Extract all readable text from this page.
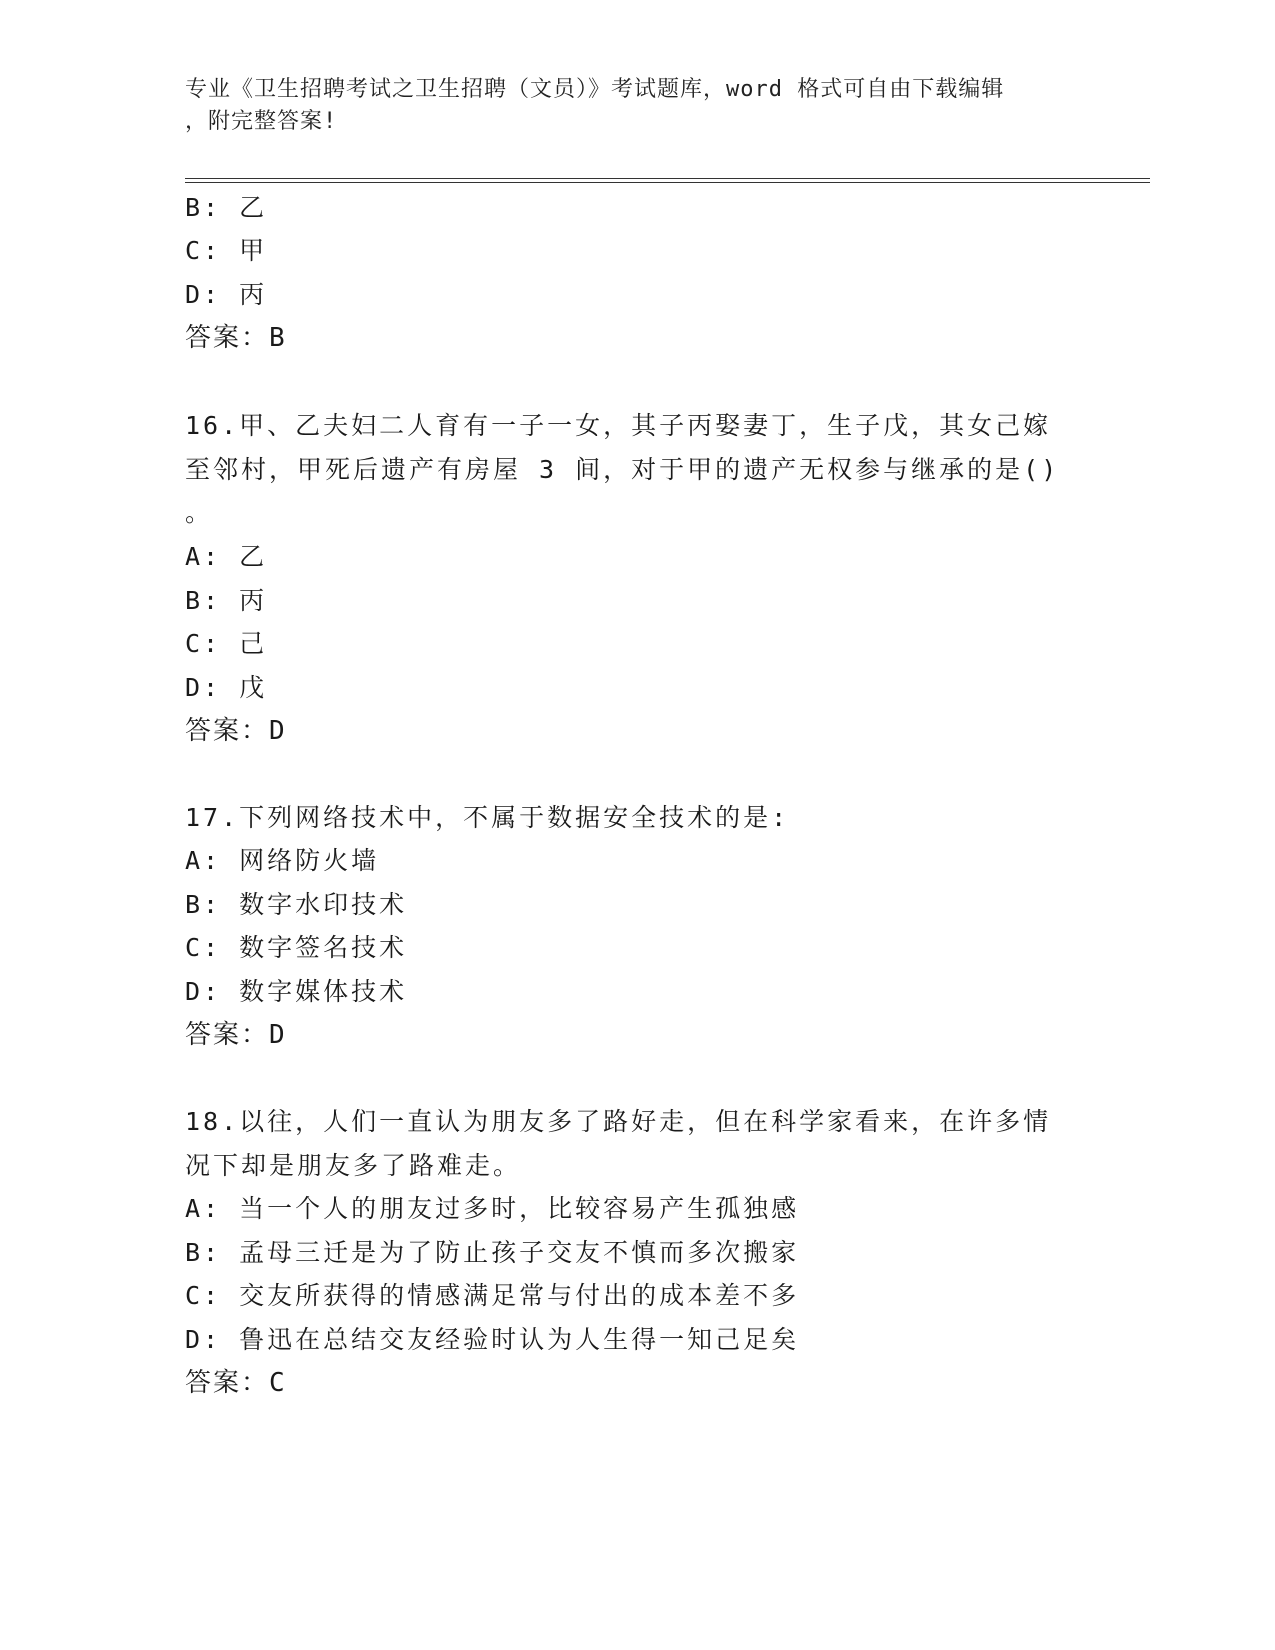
专业《卫生招聘考试之卫生招聘（文员）》考试题库，word 格式可自由下载编辑
，附完整答案!
B: 乙
C: 甲
D: 丙
答案：B
16.甲、乙夫妇二人育有一子一女，其子丙娶妻丁，生子戊，其女己嫁
至邻村，甲死后遗产有房屋 3 间，对于甲的遗产无权参与继承的是()
。
A: 乙
B: 丙
C: 己
D: 戊
答案：D
17.下列网络技术中，不属于数据安全技术的是:
A: 网络防火墙
B: 数字水印技术
C: 数字签名技术
D: 数字媒体技术
答案：D
18.以往，人们一直认为朋友多了路好走，但在科学家看来，在许多情
况下却是朋友多了路难走。
A: 当一个人的朋友过多时，比较容易产生孤独感
B: 孟母三迁是为了防止孩子交友不慎而多次搬家
C: 交友所获得的情感满足常与付出的成本差不多
D: 鲁迅在总结交友经验时认为人生得一知己足矣
答案：C
